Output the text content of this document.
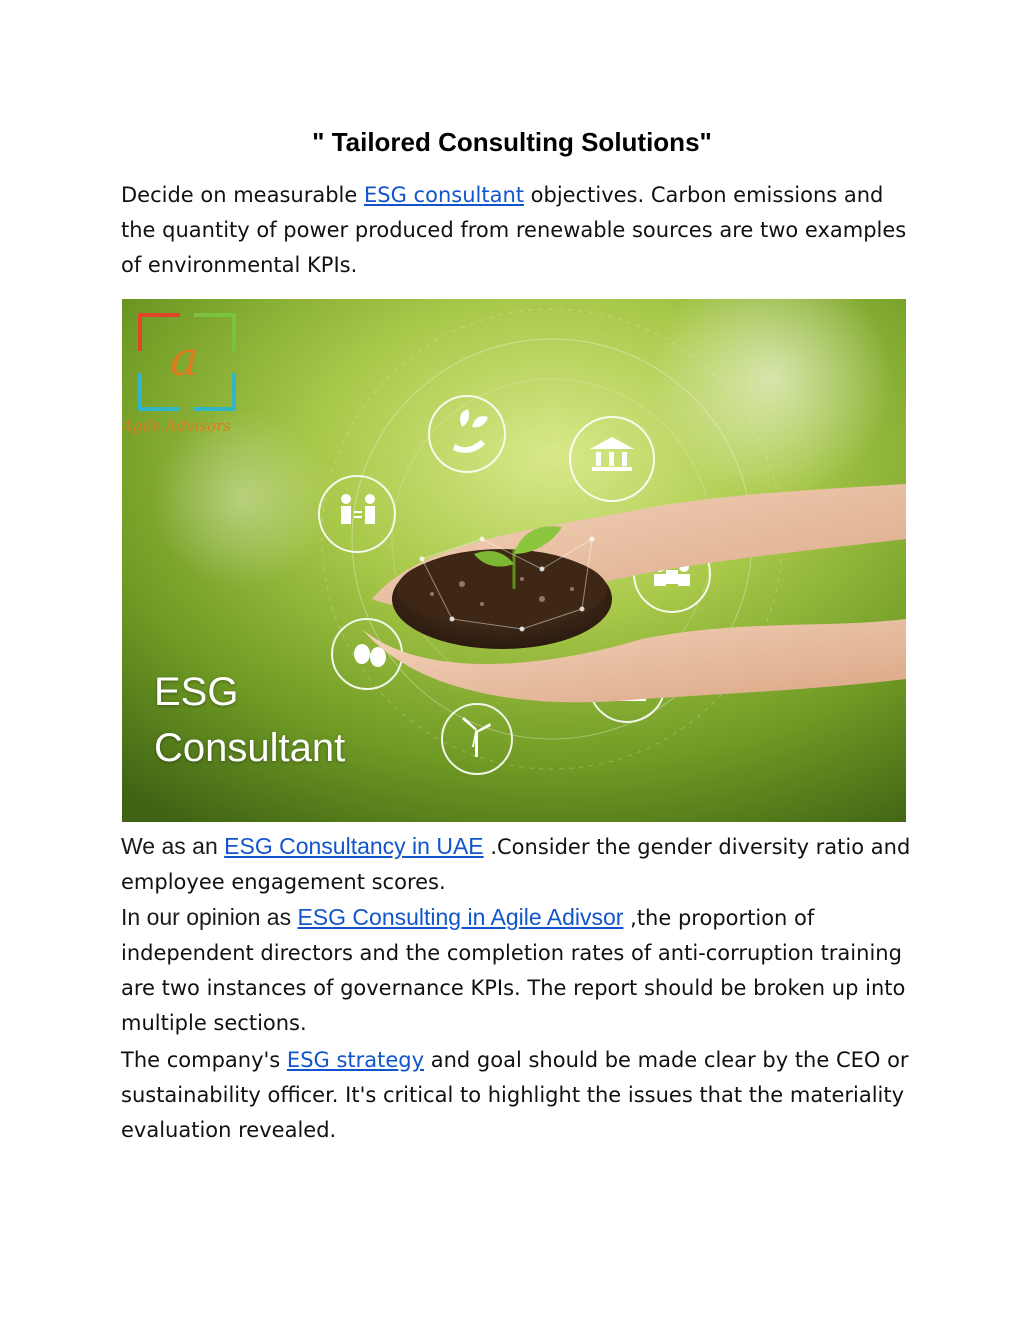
" Tailored Consulting Solutions"
Decide on measurable ESG consultant objectives. Carbon emissions and the quantity of power produced from renewable sources are two examples of environmental KPIs.
a
Agile Advisors
ESG
Consultant
We as an ESG Consultancy in UAE .Consider the gender diversity ratio and employee engagement scores.
In our opinion as ESG Consulting in Agile Adivsor ,the proportion of independent directors and the completion rates of anti-corruption training are two instances of governance KPIs. The report should be broken up into multiple sections.
The company's ESG strategy and goal should be made clear by the CEO or sustainability officer. It's critical to highlight the issues that the materiality evaluation revealed.
